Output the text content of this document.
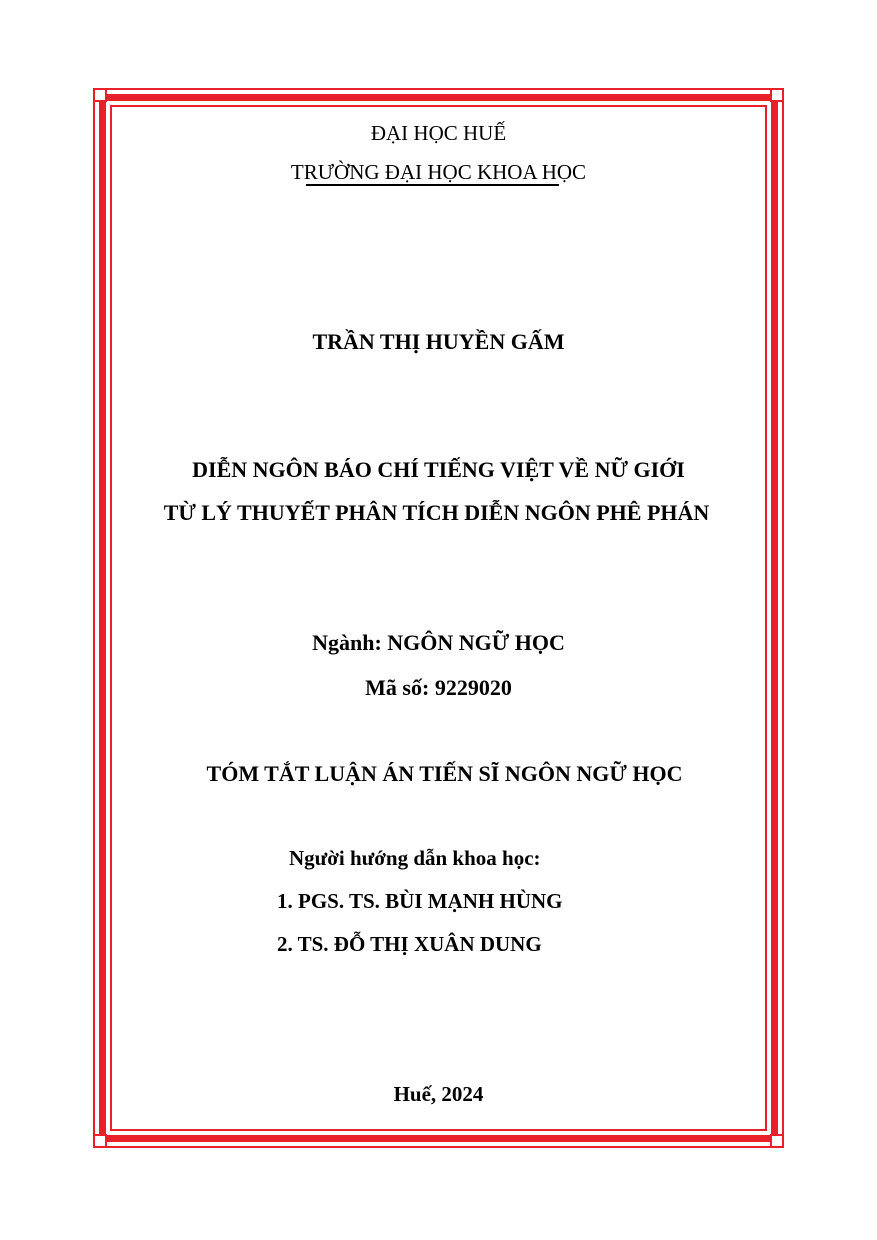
ĐẠI HỌC HUẾ
TRƯỜNG ĐẠI HỌC KHOA HỌC
TRẦN THỊ HUYỀN GẤM
DIỄN NGÔN BÁO CHÍ TIẾNG VIỆT VỀ NỮ GIỚI
TỪ LÝ THUYẾT PHÂN TÍCH DIỄN NGÔN PHÊ PHÁN
Ngành: NGÔN NGỮ HỌC
Mã số: 9229020
TÓM TẮT LUẬN ÁN TIẾN SĨ NGÔN NGỮ HỌC
Người hướng dẫn khoa học:
1. PGS. TS. BÙI MẠNH HÙNG
2. TS. ĐỖ THỊ XUÂN DUNG
Huế, 2024
